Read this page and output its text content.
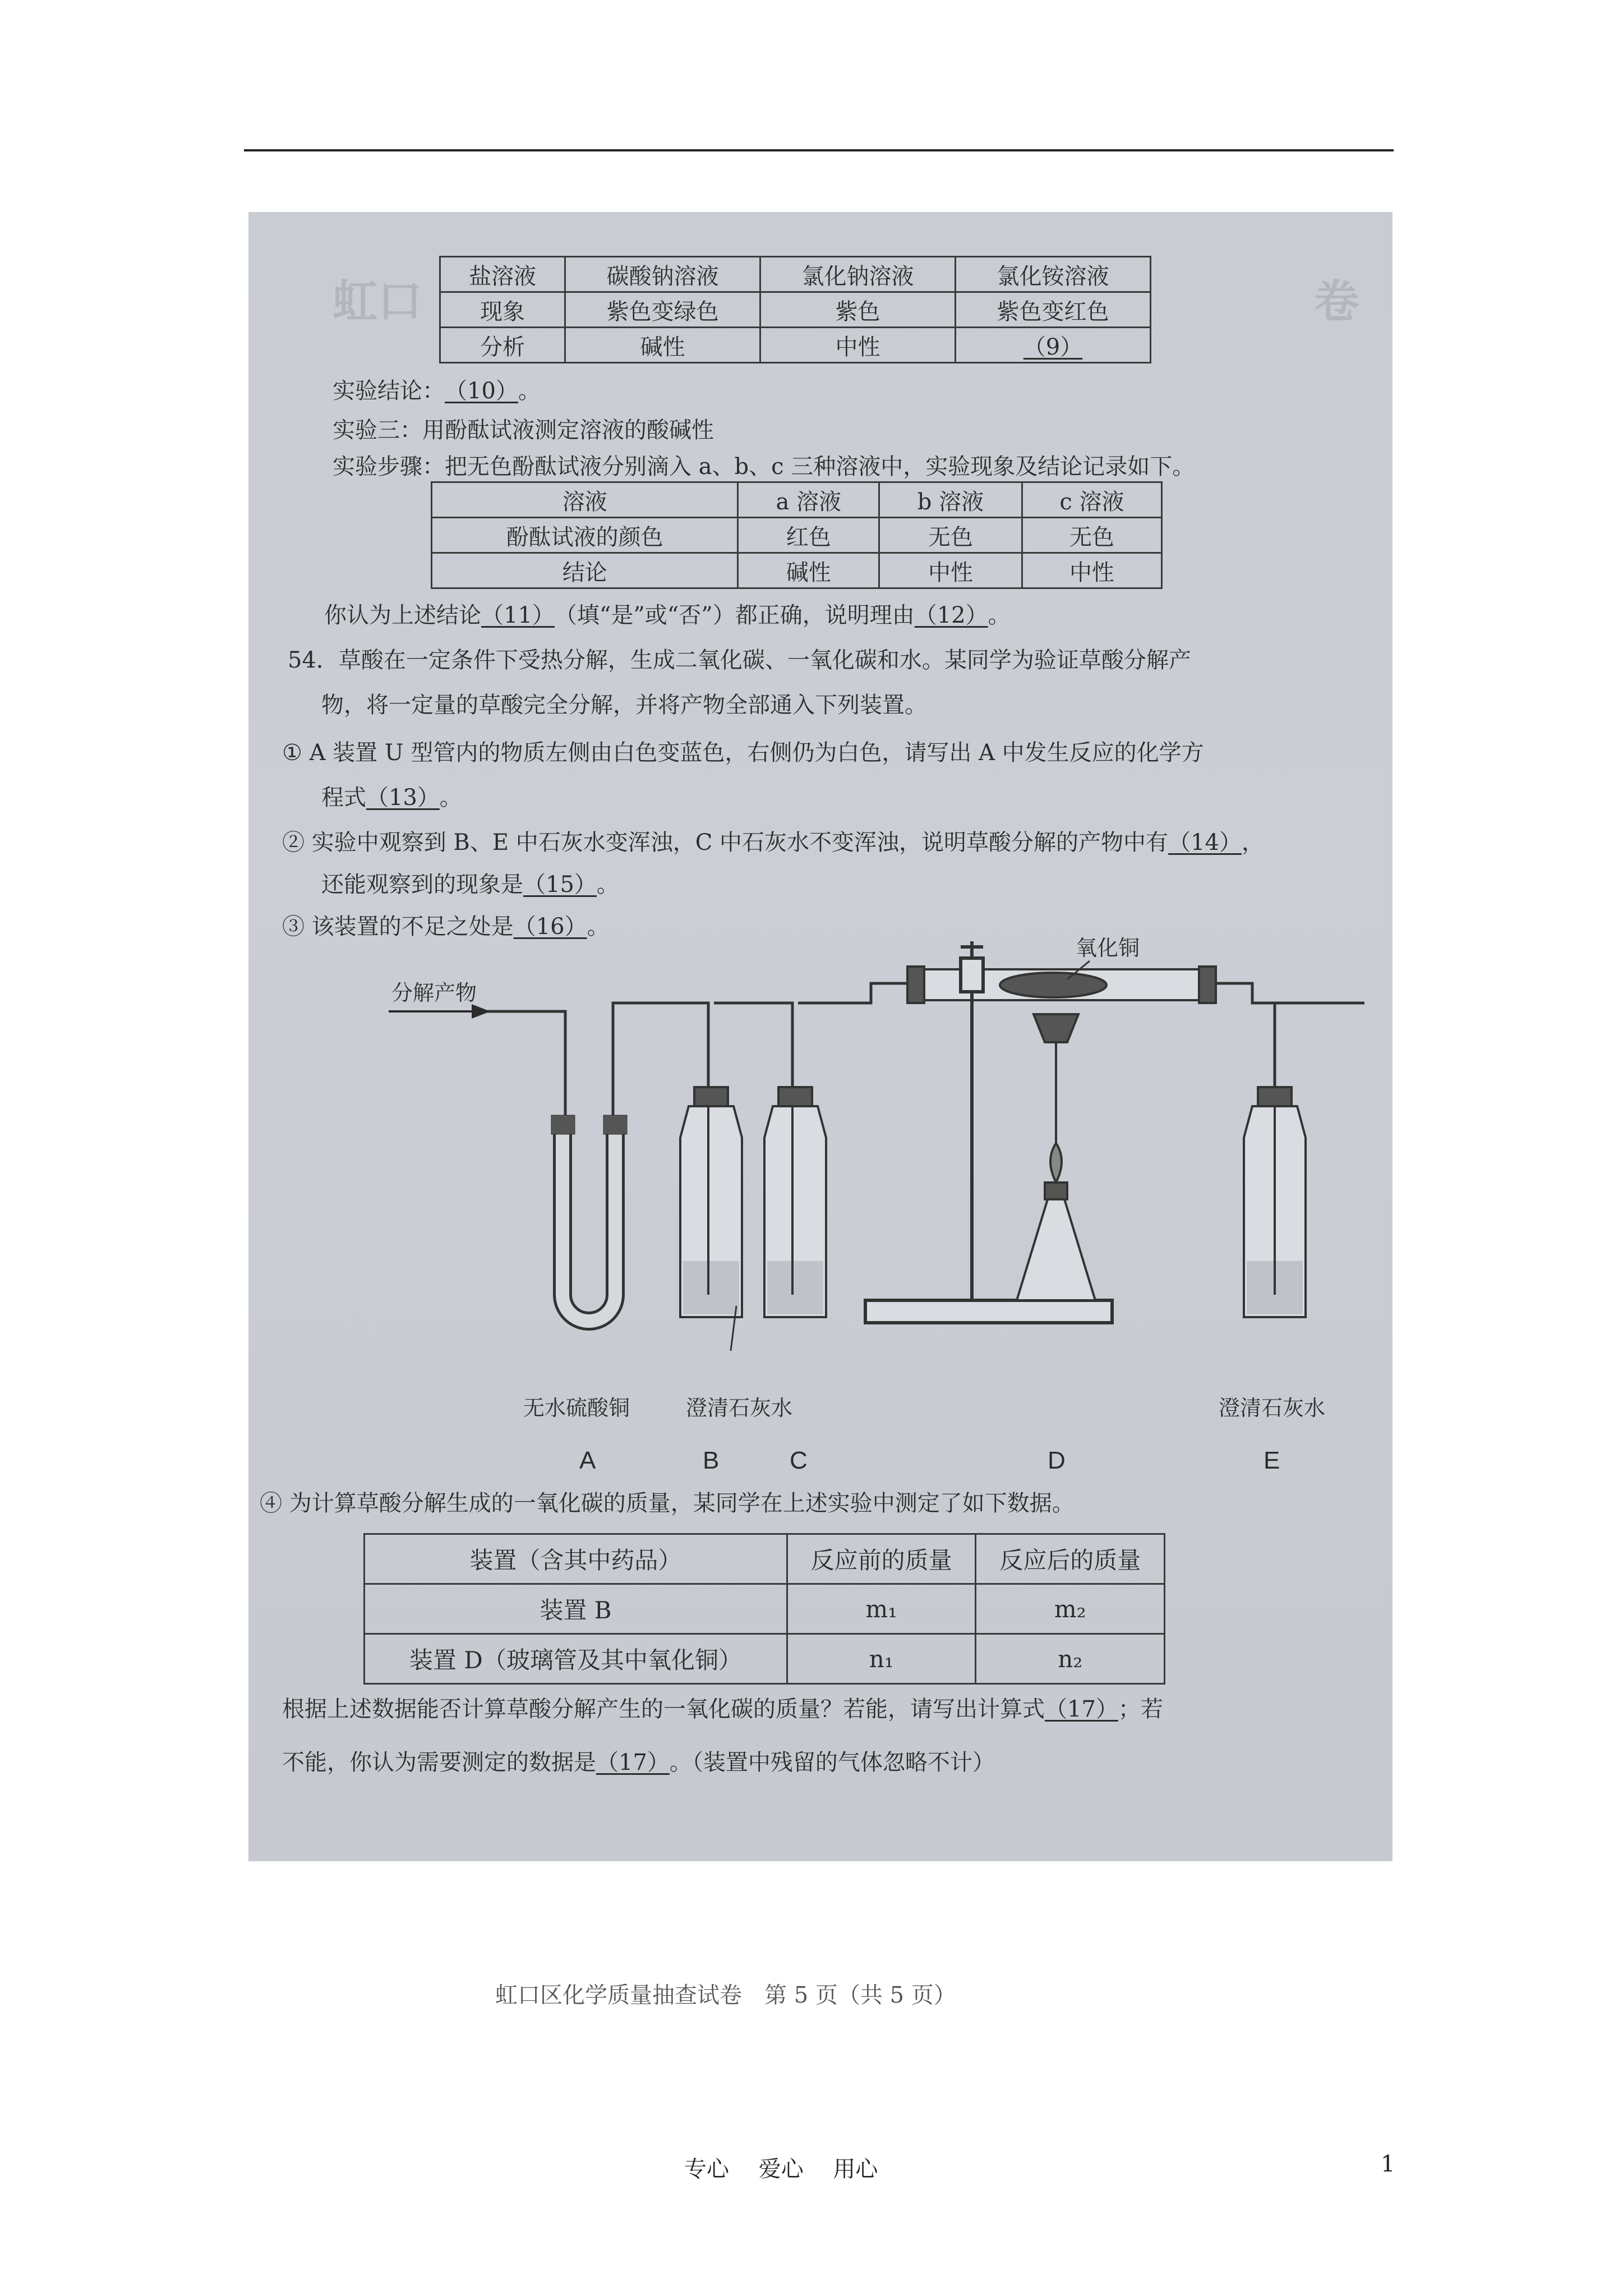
虹口	卷
盐溶液	碳酸钠溶液	氯化钠溶液	氯化铵溶液
现象	紫色变绿色	紫色	紫色变红色
分析	碱性	中性	（9）
实验结论：（10）。
实验三：用酚酞试液测定溶液的酸碱性
实验步骤：把无色酚酞试液分别滴入 a、b、c 三种溶液中，实验现象及结论记录如下。
溶液	a 溶液	b 溶液	c 溶液
酚酞试液的颜色	红色	无色	无色
结论	碱性	中性	中性
你认为上述结论（11）（填“是”或“否”）都正确，说明理由（12）。
54．草酸在一定条件下受热分解，生成二氧化碳、一氧化碳和水。某同学为验证草酸分解产
物，将一定量的草酸完全分解，并将产物全部通入下列装置。
① A 装置 U 型管内的物质左侧由白色变蓝色，右侧仍为白色，请写出 A 中发生反应的化学方
程式（13）。
② 实验中观察到 B、E 中石灰水变浑浊，C 中石灰水不变浑浊，说明草酸分解的产物中有（14），
还能观察到的现象是（15）。
③ 该装置的不足之处是（16）。
分解产物
氧化铜
无水硫酸铜	澄清石灰水	澄清石灰水
A	B	C	D	E
④ 为计算草酸分解生成的一氧化碳的质量，某同学在上述实验中测定了如下数据。
装置（含其中药品）	反应前的质量	反应后的质量
装置 B	m₁	m₂
装置 D（玻璃管及其中氧化铜）	n₁	n₂
根据上述数据能否计算草酸分解产生的一氧化碳的质量？若能，请写出计算式（17）；若
不能，你认为需要测定的数据是（17）。（装置中残留的气体忽略不计）
虹口区化学质量抽查试卷　第 5 页（共 5 页）
专心　 爱心　 用心	1
